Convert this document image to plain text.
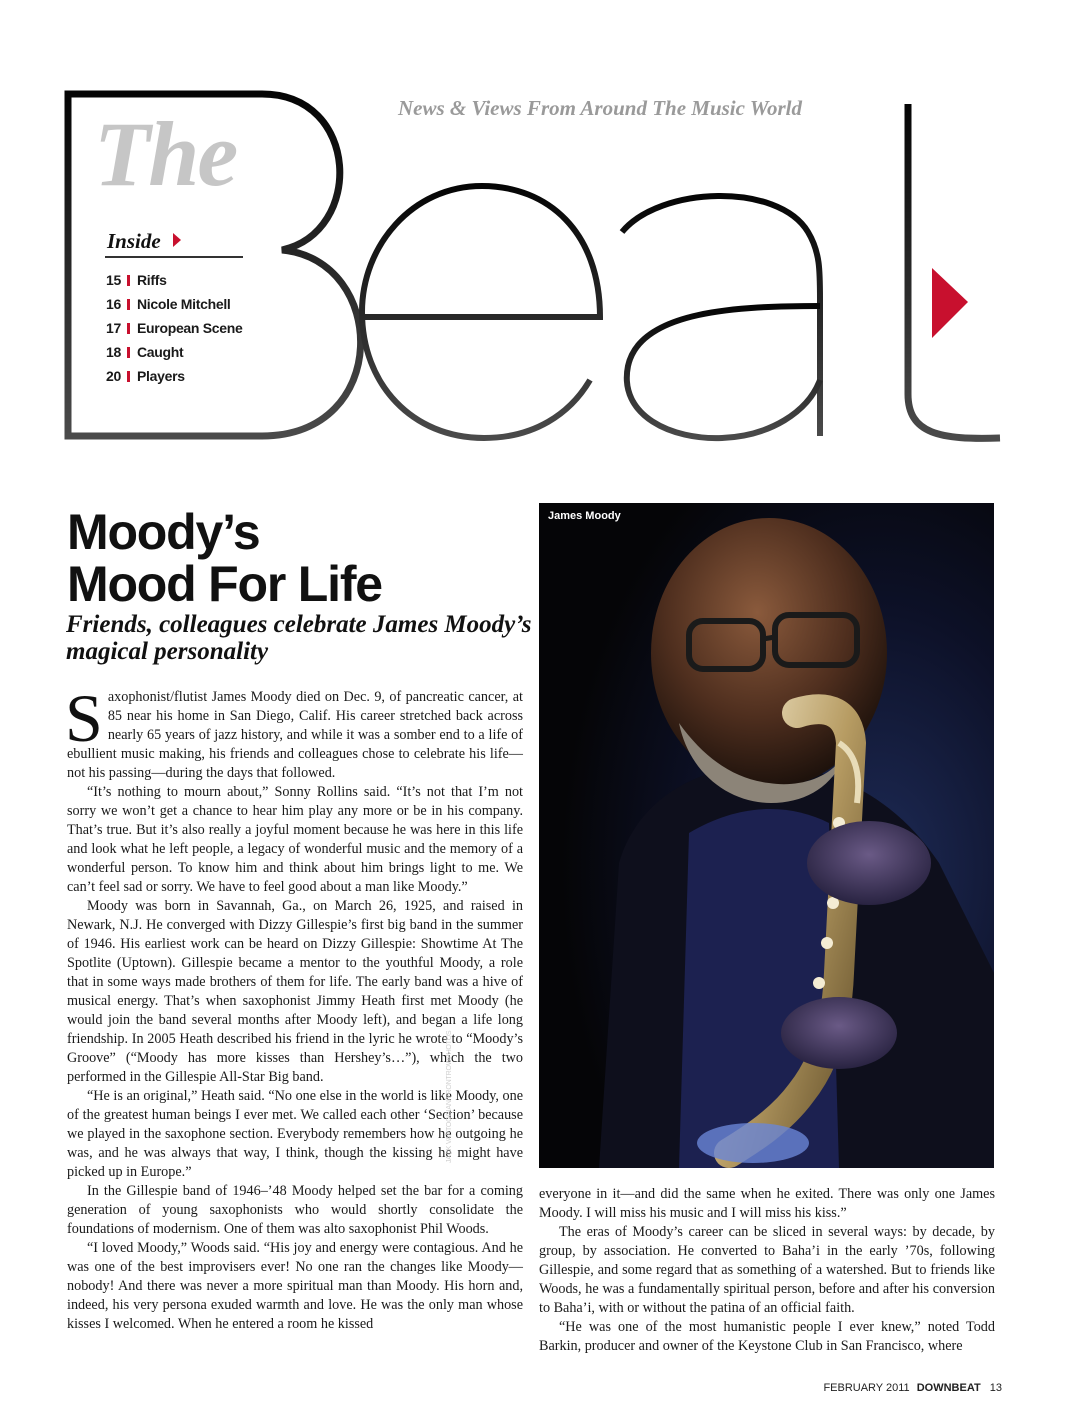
News & Views From Around The Music World
The
Inside
15 Riffs
16 Nicole Mitchell
17 European Scene
18 Caught
20 Players
Moody’s
Mood For Life
Friends, colleagues celebrate James Moody’s magical personality

Saxophonist/flutist James Moody died on Dec. 9, of pancreatic cancer, at 85 near his home in San Diego, Calif. His career stretched back across nearly 65 years of jazz history, and while it was a somber end to a life of ebullient music making, his friends and colleagues chose to celebrate his life—not his passing—during the days that followed.

“It’s nothing to mourn about,” Sonny Rollins said. “It’s not that I’m not sorry we won’t get a chance to hear him play any more or be in his company. That’s true. But it’s also really a joyful moment because he was here in this life and look what he left people, a legacy of wonderful music and the memory of a wonderful person. To know him and think about him brings light to me. We can’t feel sad or sorry. We have to feel good about a man like Moody.”

Moody was born in Savannah, Ga., on March 26, 1925, and raised in Newark, N.J. He converged with Dizzy Gillespie’s first big band in the summer of 1946. His earliest work can be heard on Dizzy Gillespie: Showtime At The Spotlite (Uptown). Gillespie became a mentor to the youthful Moody, a role that in some ways made brothers of them for life. The early band was a hive of musical energy. That’s when saxophonist Jimmy Heath first met Moody (he would join the band several months after Moody left), and began a life long friendship. In 2005 Heath described his friend in the lyric he wrote to “Moody’s Groove” (“Moody has more kisses than Hershey’s…”), which the two performed in the Gillespie All-Star Big band.

“He is an original,” Heath said. “No one else in the world is like Moody, one of the greatest human beings I ever met. We called each other ‘Section’ because we played in the saxophone section. Everybody remembers how he outgoing he was, and he was always that way, I think, though the kissing he might have picked up in Europe.”

In the Gillespie band of 1946–’48 Moody helped set the bar for a coming generation of young saxophonists who would shortly consolidate the foundations of modernism. One of them was alto saxophonist Phil Woods.

“I loved Moody,” Woods said. “His joy and energy were contagious. And he was one of the best improvisers ever! No one ran the changes like Moody—nobody! And there was never a more spiritual man than Moody. His horn and, indeed, his very persona exuded warmth and love. He was the only man whose kisses I welcomed. When he entered a room he kissed

James Moody
JACK VARTOOGIAN/FRONTROWPHOTOS

everyone in it—and did the same when he exited. There was only one James Moody. I will miss his music and I will miss his kiss.”

The eras of Moody’s career can be sliced in several ways: by decade, by group, by association. He converted to Baha’i in the early ’70s, following Gillespie, and some regard that as something of a watershed. But to friends like Woods, he was a fundamentally spiritual person, before and after his conversion to Baha’i, with or without the patina of an official faith.

“He was one of the most humanistic people I ever knew,” noted Todd Barkin, producer and owner of the Keystone Club in San Francisco, where

FEBRUARY 2011 DOWNBEAT 13
